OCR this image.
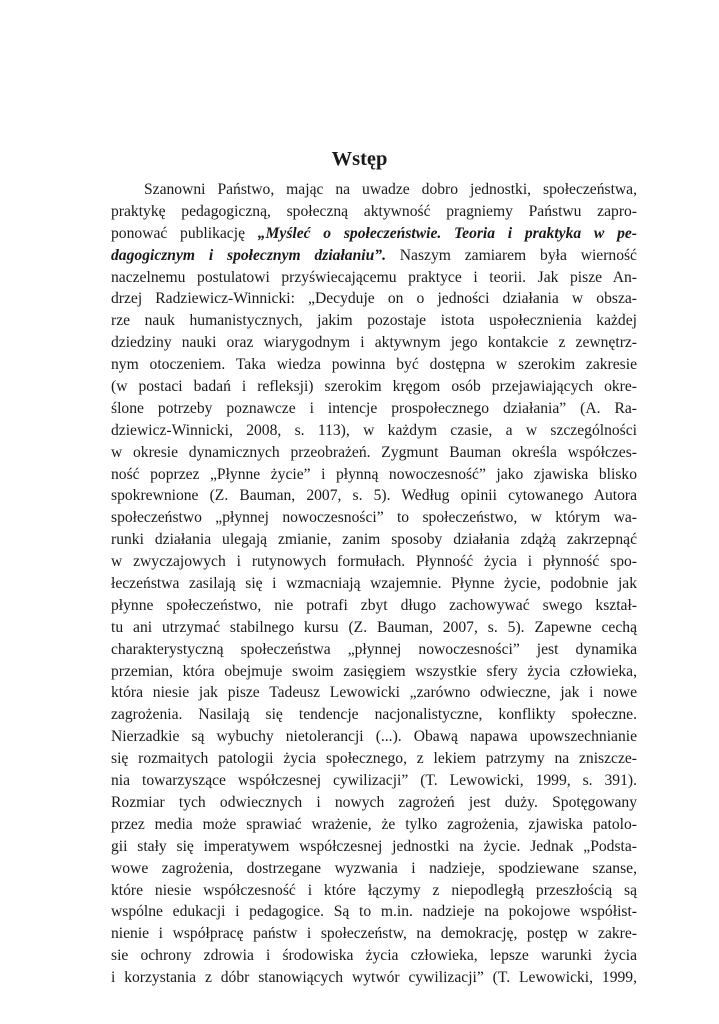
Wstęp
Szanowni Państwo, mając na uwadze dobro jednostki, społeczeństwa,
praktykę pedagogiczną, społeczną aktywność pragniemy Państwu zapro-
ponować publikację „Myśleć o społeczeństwie. Teoria i praktyka w pe-
dagogicznym i społecznym działaniu”. Naszym zamiarem była wierność
naczelnemu postulatowi przyświecającemu praktyce i teorii. Jak pisze An-
drzej Radziewicz-Winnicki: „Decyduje on o jedności działania w obsza-
rze nauk humanistycznych, jakim pozostaje istota uspołecznienia każdej
dziedziny nauki oraz wiarygodnym i aktywnym jego kontakcie z zewnętrz-
nym otoczeniem. Taka wiedza powinna być dostępna w szerokim zakresie
(w postaci badań i refleksji) szerokim kręgom osób przejawiających okre-
ślone potrzeby poznawcze i intencje prospołecznego działania” (A. Ra-
dziewicz-Winnicki, 2008, s. 113), w każdym czasie, a w szczególności
w okresie dynamicznych przeobrażeń. Zygmunt Bauman określa współczes-
ność poprzez „Płynne życie” i płynną nowoczesność” jako zjawiska blisko
spokrewnione (Z. Bauman, 2007, s. 5). Według opinii cytowanego Autora
społeczeństwo „płynnej nowoczesności” to społeczeństwo, w którym wa-
runki działania ulegają zmianie, zanim sposoby działania zdążą zakrzepnąć
w zwyczajowych i rutynowych formułach. Płynność życia i płynność spo-
łeczeństwa zasilają się i wzmacniają wzajemnie. Płynne życie, podobnie jak
płynne społeczeństwo, nie potrafi zbyt długo zachowywać swego kształ-
tu ani utrzymać stabilnego kursu (Z. Bauman, 2007, s. 5). Zapewne cechą
charakterystyczną społeczeństwa „płynnej nowoczesności” jest dynamika
przemian, która obejmuje swoim zasięgiem wszystkie sfery życia człowieka,
która niesie jak pisze Tadeusz Lewowicki „zarówno odwieczne, jak i nowe
zagrożenia. Nasilają się tendencje nacjonalistyczne, konflikty społeczne.
Nierzadkie są wybuchy nietolerancji (...). Obawą napawa upowszechnianie
się rozmaitych patologii życia społecznego, z lekiem patrzymy na zniszcze-
nia towarzyszące współczesnej cywilizacji” (T. Lewowicki, 1999, s. 391).
Rozmiar tych odwiecznych i nowych zagrożeń jest duży. Spotęgowany
przez media może sprawiać wrażenie, że tylko zagrożenia, zjawiska patolo-
gii stały się imperatywem współczesnej jednostki na życie. Jednak „Podsta-
wowe zagrożenia, dostrzegane wyzwania i nadzieje, spodziewane szanse,
które niesie współczesność i które łączymy z niepodległą przeszłością są
wspólne edukacji i pedagogice. Są to m.in. nadzieje na pokojowe współist-
nienie i współpracę państw i społeczeństw, na demokrację, postęp w zakre-
sie ochrony zdrowia i środowiska życia człowieka, lepsze warunki życia
i korzystania z dóbr stanowiących wytwór cywilizacji” (T. Lewowicki, 1999,
